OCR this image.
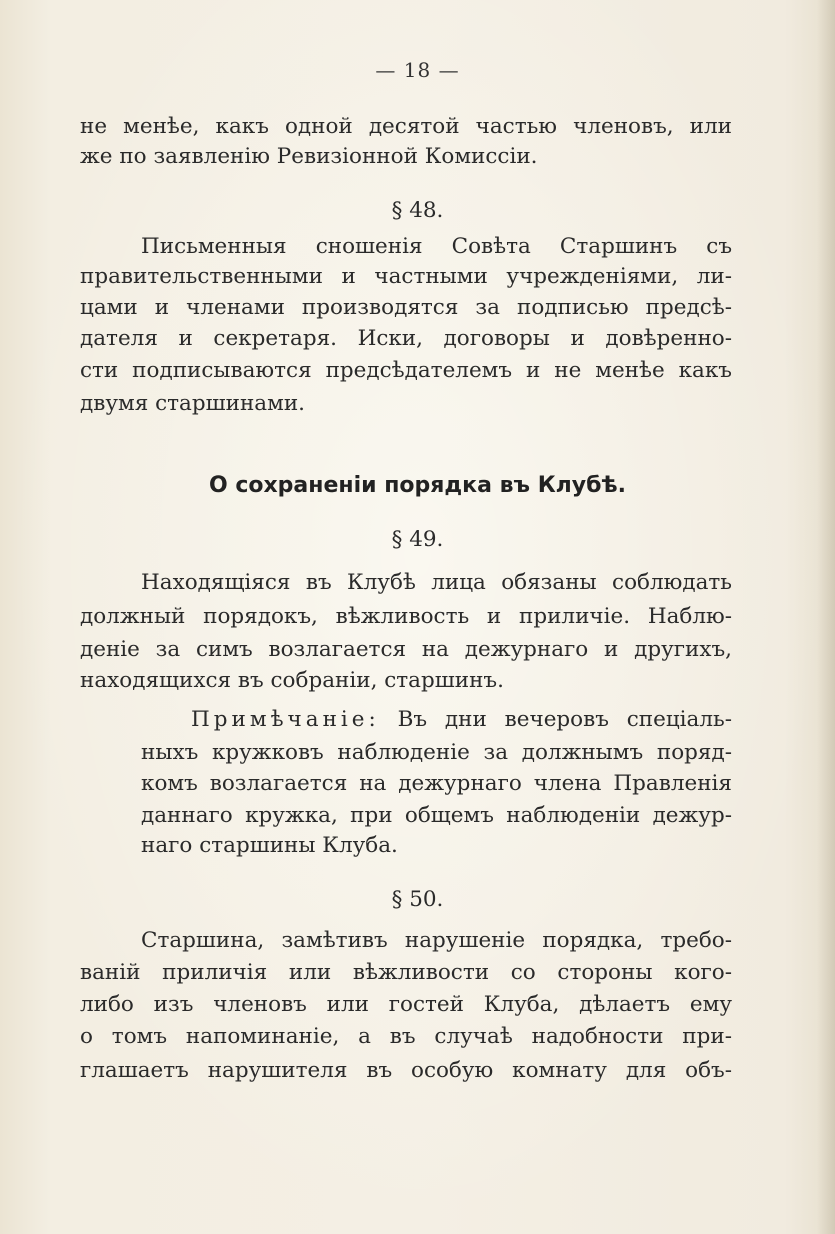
— 18 —
не менѣе, какъ одной десятой частью членовъ, или
же по заявленію Ревизіонной Комиссіи.
§ 48.
Письменныя сношенія Совѣта Старшинъ съ
правительственными и частными учрежденіями, ли-
цами и членами производятся за подписью предсѣ-
дателя и секретаря. Иски, договоры и довѣренно-
сти подписываются предсѣдателемъ и не менѣе какъ
двумя старшинами.
О сохраненіи порядка въ Клубѣ.
§ 49.
Находящіяся въ Клубѣ лица обязаны соблюдать
должный порядокъ, вѣжливость и приличіе. Наблю-
деніе за симъ возлагается на дежурнаго и другихъ,
находящихся въ собраніи, старшинъ.
Примѣчаніе: Въ дни вечеровъ спеціаль-
ныхъ кружковъ наблюденіе за должнымъ поряд-
комъ возлагается на дежурнаго члена Правленія
даннаго кружка, при общемъ наблюденіи дежур-
наго старшины Клуба.
§ 50.
Старшина, замѣтивъ нарушеніе порядка, требо-
ваній приличія или вѣжливости со стороны кого-
либо изъ членовъ или гостей Клуба, дѣлаетъ ему
о томъ напоминаніе, а въ случаѣ надобности при-
глашаетъ нарушителя въ особую комнату для объ-
